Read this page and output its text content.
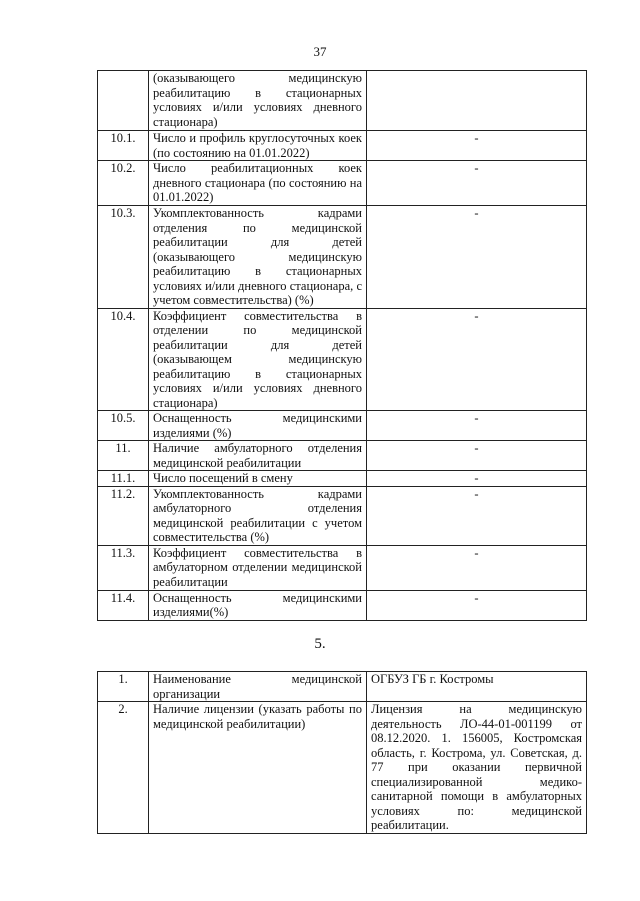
37
	(оказывающего медицинскую реабилитацию в стационарных условиях и/или условиях дневного стационара)	
10.1.	Число и профиль круглосуточных коек (по состоянию на 01.01.2022)	-
10.2.	Число реабилитационных коек дневного стационара (по состоянию на 01.01.2022)	-
10.3.	Укомплектованность кадрами отделения по медицинской реабилитации для детей (оказывающего медицинскую реабилитацию в стационарных условиях и/или дневного стационара, с учетом совместительства) (%)	-
10.4.	Коэффициент совместительства в отделении по медицинской реабилитации для детей (оказывающем медицинскую реабилитацию в стационарных условиях и/или условиях дневного стационара)	-
10.5.	Оснащенность медицинскими изделиями (%)	-
11.	Наличие амбулаторного отделения медицинской реабилитации	-
11.1.	Число посещений в смену	-
11.2.	Укомплектованность кадрами амбулаторного отделения медицинской реабилитации с учетом совместительства (%)	-
11.3.	Коэффициент совместительства в амбулаторном отделении медицинской реабилитации	-
11.4.	Оснащенность медицинскими изделиями(%)	-
5.
1.	Наименование медицинской организации	ОГБУЗ ГБ г. Костромы
2.	Наличие лицензии (указать работы по медицинской реабилитации)	Лицензия на медицинскую деятельность ЛО-44-01-001199 от 08.12.2020. 1. 156005, Костромская область, г. Кострома, ул. Советская, д. 77 при оказании первичной специализированной медико-санитарной помощи в амбулаторных условиях по: медицинской реабилитации.
